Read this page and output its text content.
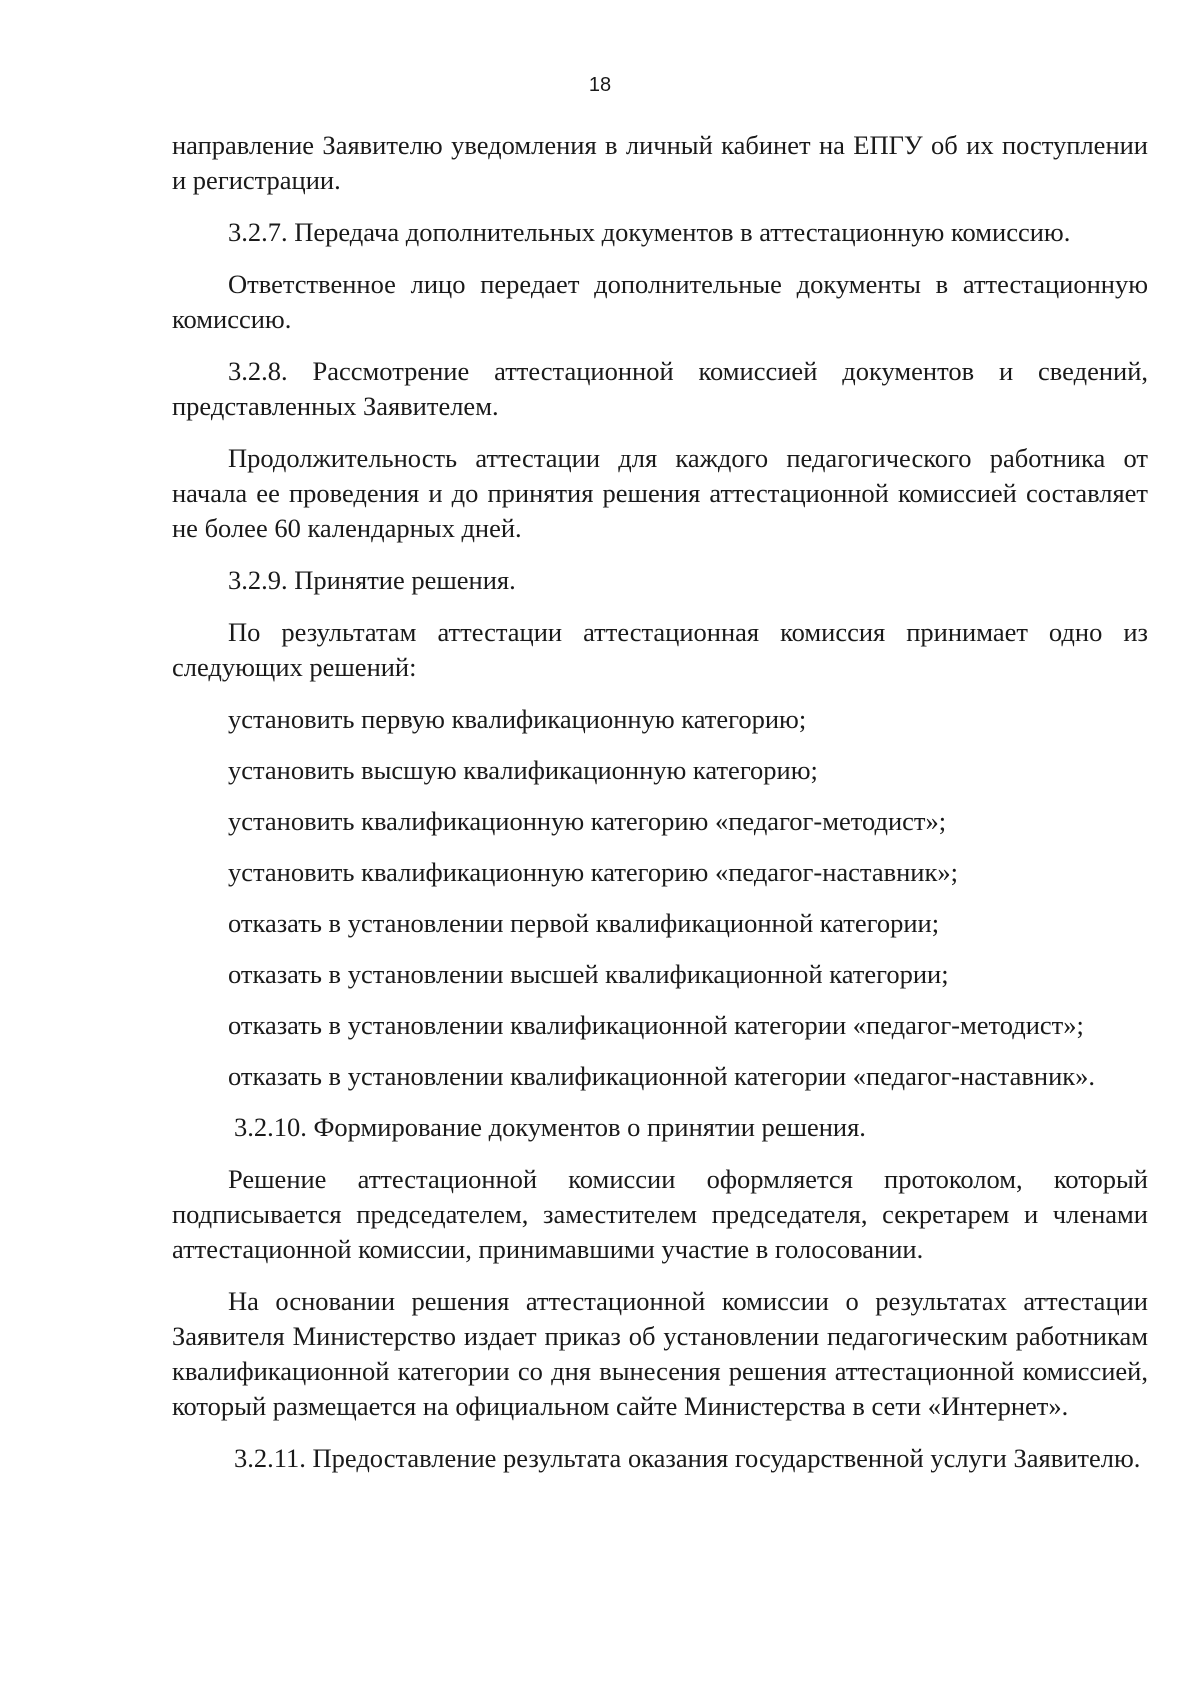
18

направление Заявителю уведомления в личный кабинет на ЕПГУ об их поступлении и регистрации.

3.2.7. Передача дополнительных документов в аттестационную комиссию.

Ответственное лицо передает дополнительные документы в аттестационную комиссию.

3.2.8. Рассмотрение аттестационной комиссией документов и сведений, представленных Заявителем.

Продолжительность аттестации для каждого педагогического работника от начала ее проведения и до принятия решения аттестационной комиссией составляет не более 60 календарных дней.

3.2.9. Принятие решения.

По результатам аттестации аттестационная комиссия принимает одно из следующих решений:

установить первую квалификационную категорию;

установить высшую квалификационную категорию;

установить квалификационную категорию «педагог-методист»;

установить квалификационную категорию «педагог-наставник»;

отказать в установлении первой квалификационной категории;

отказать в установлении высшей квалификационной категории;

отказать в установлении квалификационной категории «педагог-методист»;

отказать в установлении квалификационной категории «педагог-наставник».

3.2.10. Формирование документов о принятии решения.

Решение аттестационной комиссии оформляется протоколом, который подписывается председателем, заместителем председателя, секретарем и членами аттестационной комиссии, принимавшими участие в голосовании.

На основании решения аттестационной комиссии о результатах аттестации Заявителя Министерство издает приказ об установлении педагогическим работникам квалификационной категории со дня вынесения решения аттестационной комиссией, который размещается на официальном сайте Министерства в сети «Интернет».

3.2.11. Предоставление результата оказания государственной услуги Заявителю.
